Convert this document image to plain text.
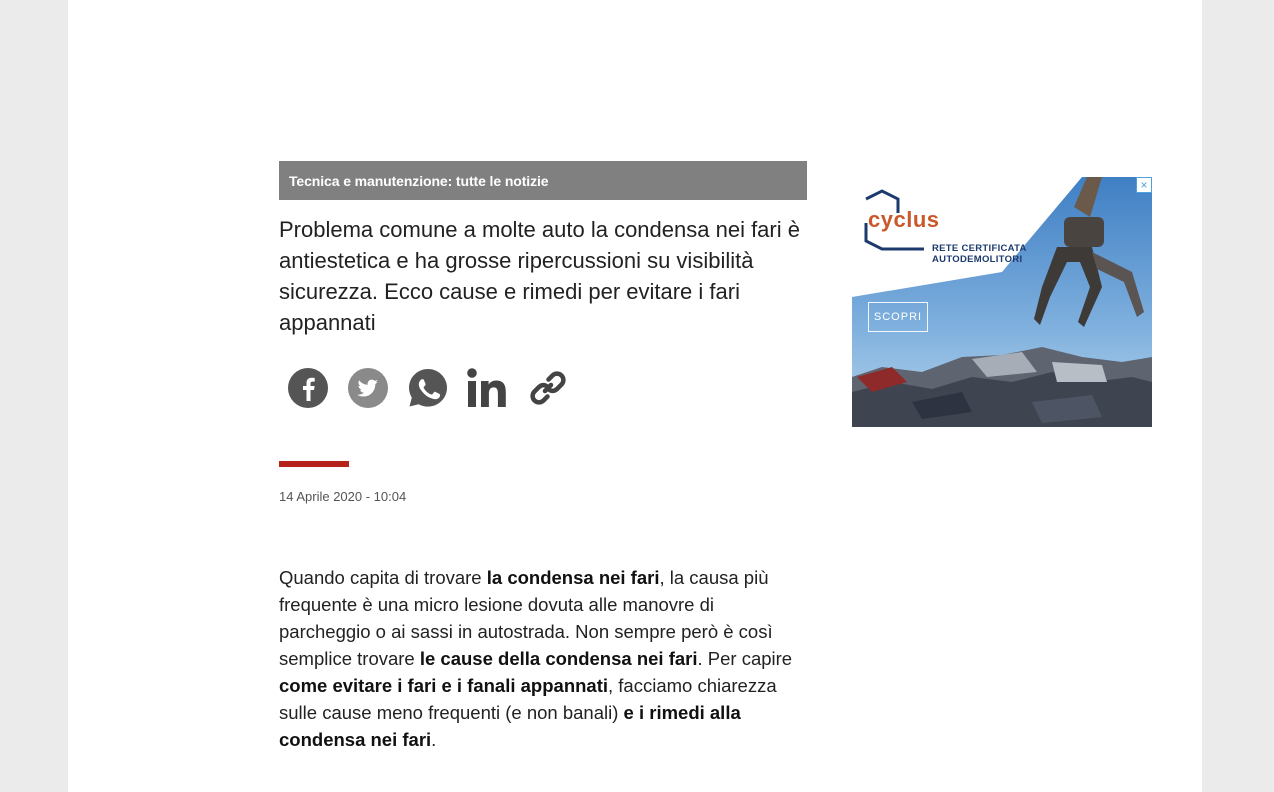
Tecnica e manutenzione: tutte le notizie
Problema comune a molte auto la condensa nei fari è antiestetica e ha grosse ripercussioni su visibilità sicurezza. Ecco cause e rimedi per evitare i fari appannati
14 Aprile 2020 - 10:04

Quando capita di trovare la condensa nei fari, la causa più frequente è una micro lesione dovuta alle manovre di parcheggio o ai sassi in autostrada. Non sempre però è così semplice trovare le cause della condensa nei fari. Per capire come evitare i fari e i fanali appannati, facciamo chiarezza sulle cause meno frequenti (e non banali) e i rimedi alla condensa nei fari.

cyclus
RETE CERTIFICATA
AUTODEMOLITORI
SCOPRI
×
